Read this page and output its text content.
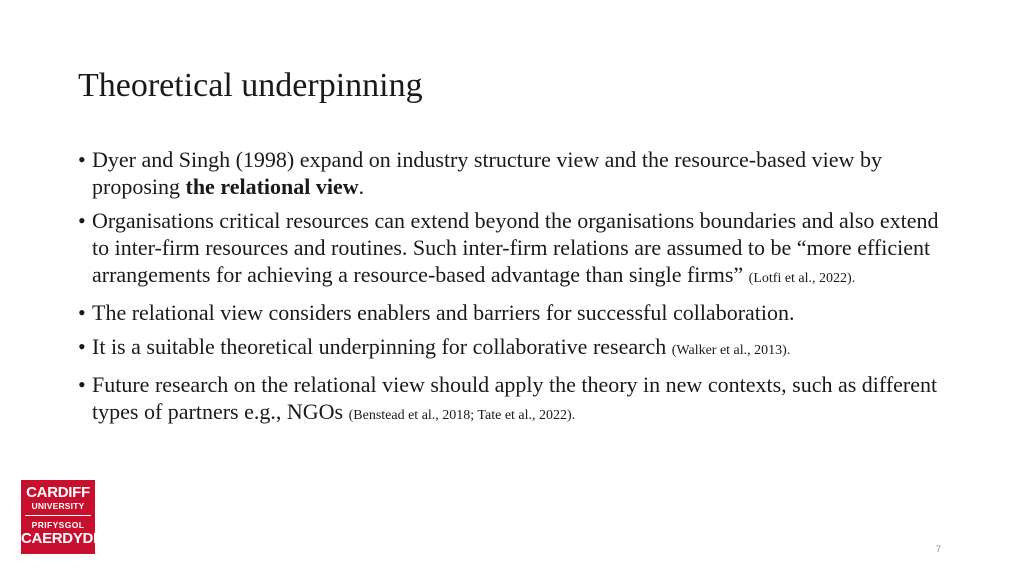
Theoretical underpinning
• Dyer and Singh (1998) expand on industry structure view and the resource-based view by proposing the relational view.
• Organisations critical resources can extend beyond the organisations boundaries and also extend to inter-firm resources and routines. Such inter-firm relations are assumed to be “more efficient arrangements for achieving a resource-based advantage than single firms” (Lotfi et al., 2022).
• The relational view considers enablers and barriers for successful collaboration.
• It is a suitable theoretical underpinning for collaborative research (Walker et al., 2013).
• Future research on the relational view should apply the theory in new contexts, such as different types of partners e.g., NGOs (Benstead et al., 2018; Tate et al., 2022).
CARDIFF
UNIVERSITY
PRIFYSGOL
CAERDYDD
7
